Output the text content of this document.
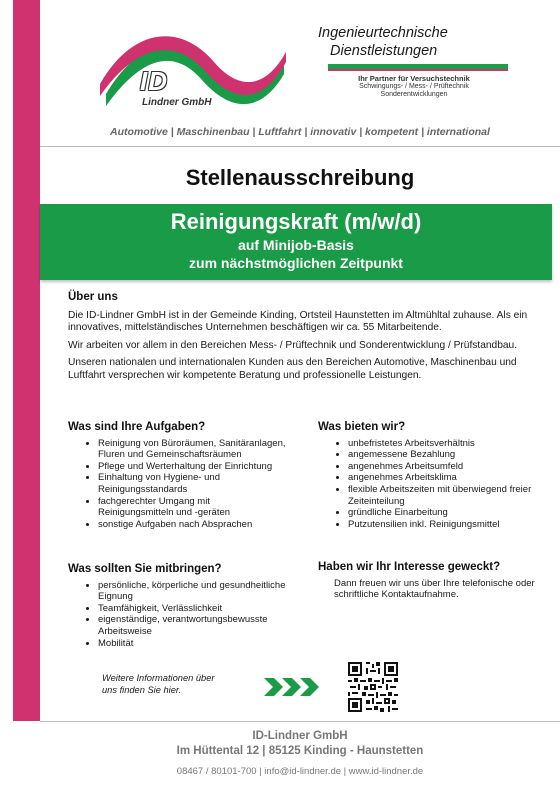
ID
Lindner GmbH
Ingenieurtechnische
Dienstleistungen
Ihr Partner für Versuchstechnik
Schwingungs- / Mess- / Prüftechnik
Sonderentwicklungen
Automotive | Maschinenbau | Luftfahrt | innovativ | kompetent | international
Stellenausschreibung
Reinigungskraft (m/w/d)
auf Minijob-Basis
zum nächstmöglichen Zeitpunkt
Über uns

Die ID-Lindner GmbH ist in der Gemeinde Kinding, Ortsteil Haunstetten im Altmühltal zuhause. Als ein innovatives, mittelständisches Unternehmen beschäftigen wir ca. 55 Mitarbeitende.

Wir arbeiten vor allem in den Bereichen Mess- / Prüftechnik und Sonderentwicklung / Prüfstandbau.

Unseren nationalen und internationalen Kunden aus den Bereichen Automotive, Maschinenbau und Luftfahrt versprechen wir kompetente Beratung und professionelle Leistungen.

Was sind Ihre Aufgaben?
• Reinigung von Büroräumen, Sanitäranlagen, Fluren und Gemeinschaftsräumen
• Pflege und Werterhaltung der Einrichtung
• Einhaltung von Hygiene- und Reinigungsstandards
• fachgerechter Umgang mit Reinigungsmitteln und -geräten
• sonstige Aufgaben nach Absprachen
Was bieten wir?
• unbefristetes Arbeitsverhältnis
• angemessene Bezahlung
• angenehmes Arbeitsumfeld
• angenehmes Arbeitsklima
• flexible Arbeitszeiten mit überwiegend freier Zeiteinteilung
• gründliche Einarbeitung
• Putzutensilien inkl. Reinigungsmittel
Was sollten Sie mitbringen?
• persönliche, körperliche und gesundheitliche Eignung
• Teamfähigkeit, Verlässlichkeit
• eigenständige, verantwortungsbewusste Arbeitsweise
• Mobilität
Haben wir Ihr Interesse geweckt?
Dann freuen wir uns über Ihre telefonische oder schriftliche Kontaktaufnahme.
Weitere Informationen über
uns finden Sie hier.
ID-Lindner GmbH
Im Hüttental 12 | 85125 Kinding - Haunstetten
08467 / 80101-700 | info@id-lindner.de | www.id-lindner.de
